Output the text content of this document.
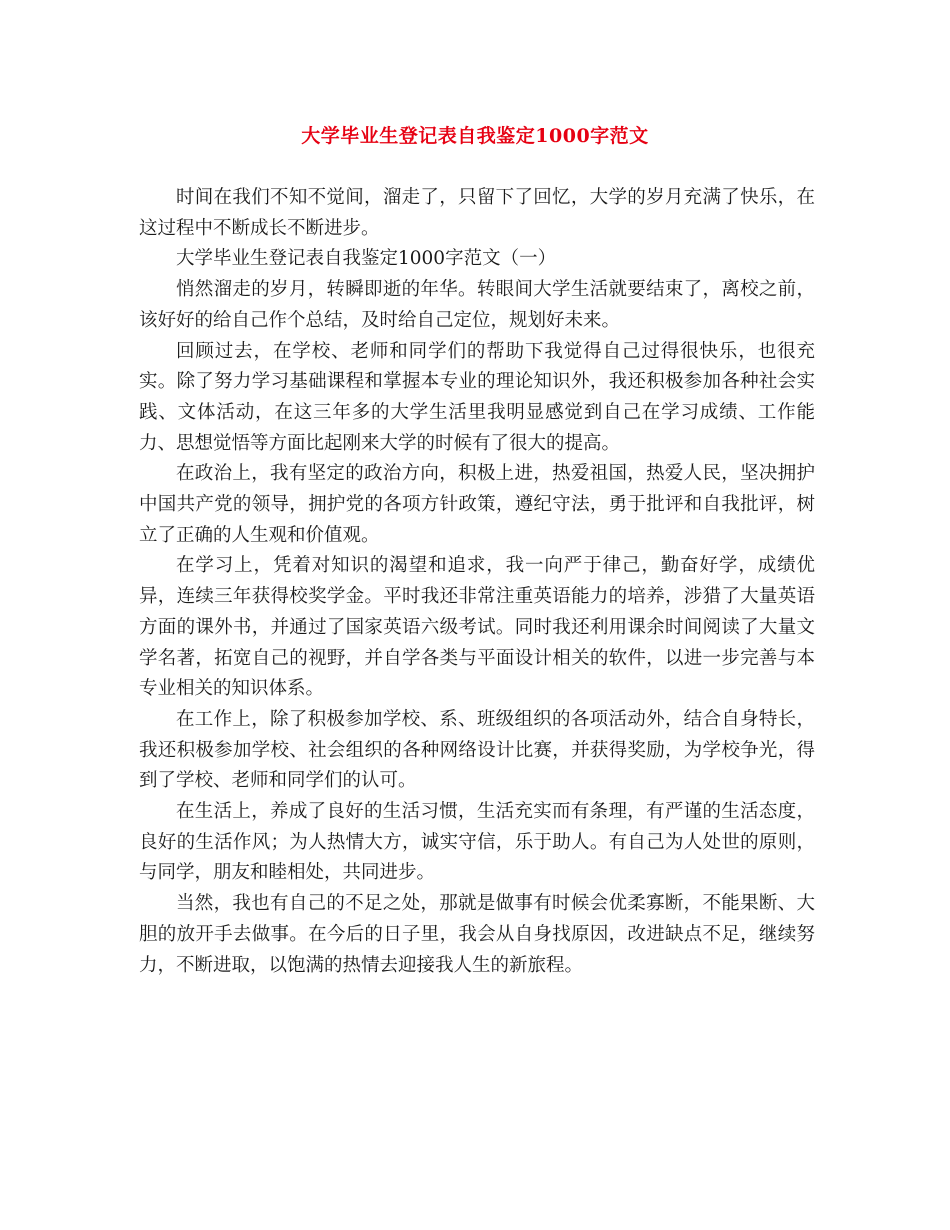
大学毕业生登记表自我鉴定1000字范文

时间在我们不知不觉间，溜走了，只留下了回忆，大学的岁月充满了快乐，在这过程中不断成长不断进步。

大学毕业生登记表自我鉴定1000字范文（一）

悄然溜走的岁月，转瞬即逝的年华。转眼间大学生活就要结束了，离校之前，该好好的给自己作个总结，及时给自己定位，规划好未来。

回顾过去，在学校、老师和同学们的帮助下我觉得自己过得很快乐，也很充实。除了努力学习基础课程和掌握本专业的理论知识外，我还积极参加各种社会实践、文体活动，在这三年多的大学生活里我明显感觉到自己在学习成绩、工作能力、思想觉悟等方面比起刚来大学的时候有了很大的提高。

在政治上，我有坚定的政治方向，积极上进，热爱祖国，热爱人民，坚决拥护中国共产党的领导，拥护党的各项方针政策，遵纪守法，勇于批评和自我批评，树立了正确的人生观和价值观。

在学习上，凭着对知识的渴望和追求，我一向严于律己，勤奋好学，成绩优异，连续三年获得校奖学金。平时我还非常注重英语能力的培养，涉猎了大量英语方面的课外书，并通过了国家英语六级考试。同时我还利用课余时间阅读了大量文学名著，拓宽自己的视野，并自学各类与平面设计相关的软件，以进一步完善与本专业相关的知识体系。

在工作上，除了积极参加学校、系、班级组织的各项活动外，结合自身特长，我还积极参加学校、社会组织的各种网络设计比赛，并获得奖励，为学校争光，得到了学校、老师和同学们的认可。

在生活上，养成了良好的生活习惯，生活充实而有条理，有严谨的生活态度，良好的生活作风；为人热情大方，诚实守信，乐于助人。有自己为人处世的原则，与同学，朋友和睦相处，共同进步。

当然，我也有自己的不足之处，那就是做事有时候会优柔寡断，不能果断、大胆的放开手去做事。在今后的日子里，我会从自身找原因，改进缺点不足，继续努力，不断进取，以饱满的热情去迎接我人生的新旅程。
